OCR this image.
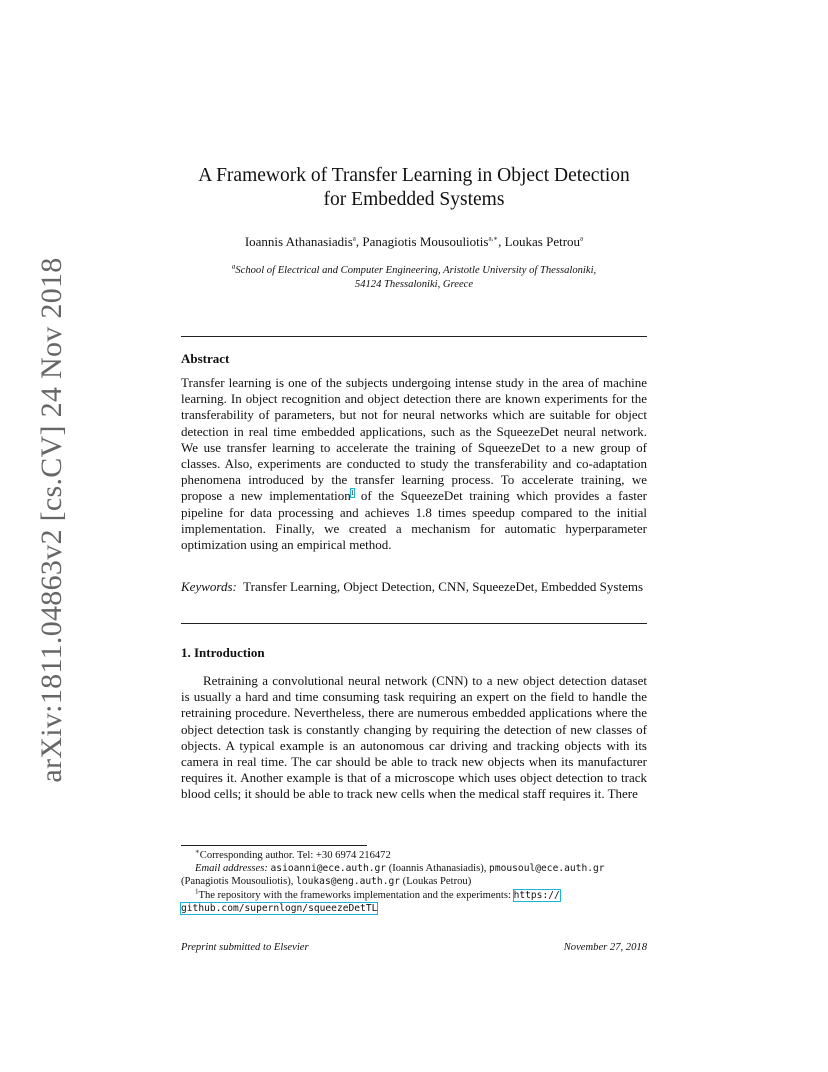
arXiv:1811.04863v2 [cs.CV] 24 Nov 2018
A Framework of Transfer Learning in Object Detection
for Embedded Systems
Ioannis Athanasiadis$^a$, Panagiotis Mousouliotis$^{a,∗}$, Loukas Petrou$^a$
$^a$School of Electrical and Computer Engineering, Aristotle University of Thessaloniki,
54124 Thessaloniki, Greece
Abstract
Transfer learning is one of the subjects undergoing intense study in the area of machine learning. In object recognition and object detection there are known experiments for the transferability of parameters, but not for neural networks which are suitable for object detection in real time embedded applications, such as the SqueezeDet neural network. We use transfer learning to accelerate the training of SqueezeDet to a new group of classes. Also, experiments are conducted to study the transferability and co-adaptation phenomena introduced by the transfer learning process. To accelerate training, we propose a new implementation$^1$ of the SqueezeDet training which provides a faster pipeline for data processing and achieves 1.8 times speedup compared to the initial implementation. Finally, we created a mechanism for automatic hyperparameter optimization using an empirical method.
Keywords: Transfer Learning, Object Detection, CNN, SqueezeDet, Embedded Systems
1. Introduction
Retraining a convolutional neural network (CNN) to a new object detection dataset is usually a hard and time consuming task requiring an expert on the field to handle the retraining procedure. Nevertheless, there are numerous embedded applications where the object detection task is constantly changing by requiring the detection of new classes of objects. A typical example is an autonomous car driving and tracking objects with its camera in real time. The car should be able to track new objects when its manufacturer requires it. Another example is that of a microscope which uses object detection to track blood cells; it should be able to track new cells when the medical staff requires it. There

∗Corresponding author. Tel: +30 6974 216472

Email addresses: asioanni@ece.auth.gr (Ioannis Athanasiadis), pmousoul@ece.auth.gr
(Panagiotis Mousouliotis), loukas@eng.auth.gr (Loukas Petrou)

$^1$The repository with the frameworks implementation and the experiments: https://

github.com/supernlogn/squeezeDetTL

Preprint submitted to Elsevier	November 27, 2018
